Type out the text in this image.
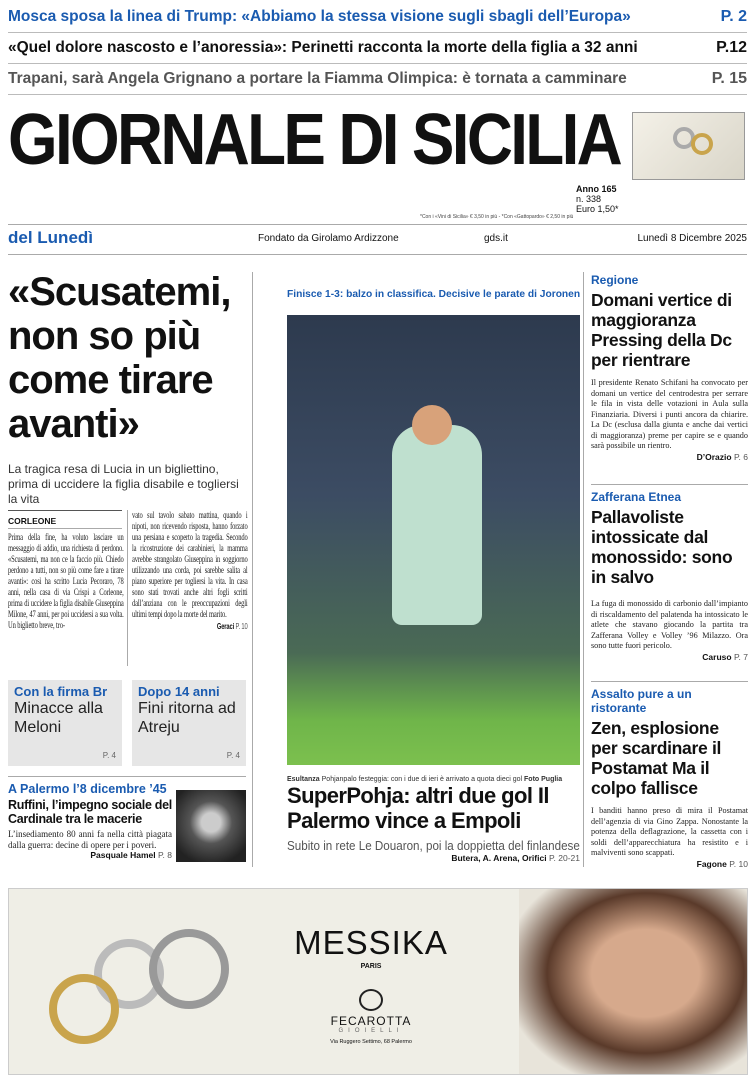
Mosca sposa la linea di Trump: «Abbiamo la stessa visione sugli sbagli dell’Europa»	P. 2
«Quel dolore nascosto e l’anoressia»: Perinetti racconta la morte della figlia a 32 anni	P.12
Trapani, sarà Angela Grignano a portare la Fiamma Olimpica: è tornata a camminare	P. 15
GIORNALE DI SICILIA
Anno 165
n. 338
Euro 1,50*
*Con i «Vini di Sicilia» € 3,50 in più - *Con «Gattopardo» € 2,50 in più
del Lunedì	Fondato da Girolamo Ardizzone	gds.it	Lunedì 8 Dicembre 2025
«Scusatemi, non so più come tirare avanti»
La tragica resa di Lucia in un bigliettino, prima di uccidere la figlia disabile e togliersi la vita
CORLEONE
Prima della fine, ha voluto lasciare un messaggio di addio, una richiesta di perdono. «Scusatemi, ma non ce la faccio più. Chiedo perdono a tutti, non so più come fare a tirare avanti»: così ha scritto Lucia Pecoraro, 78 anni, nella casa di via Crispi a Corleone, prima di uccidere la figlia disabile Giuseppina Milone, 47 anni, per poi uccidersi a sua volta. Un biglietto breve, tro-
vato sul tavolo sabato mattina, quando i nipoti, non ricevendo risposta, hanno forzato una persiana e scoperto la tragedia. Secondo la ricostruzione dei carabinieri, la mamma avrebbe strangolato Giuseppina in soggiorno utilizzando una corda, poi sarebbe salita al piano superiore per togliersi la vita. In casa sono stati trovati anche altri fogli scritti dall’anziana con le preoccupazioni degli ultimi tempi dopo la morte del marito.
Geraci P. 10
Con la firma Br
Minacce alla Meloni
P. 4
Dopo 14 anni
Fini ritorna ad Atreju
P. 4
A Palermo l’8 dicembre ’45
Ruffini, l’impegno sociale del Cardinale tra le macerie
L’insediamento 80 anni fa nella città piagata dalla guerra: decine di opere per i poveri.
Pasquale Hamel P. 8
Finisce 1-3: balzo in classifica. Decisive le parate di Joronen
Esultanza Pohjanpalo festeggia: con i due di ieri è arrivato a quota dieci gol Foto Puglia
SuperPohja: altri due gol Il Palermo vince a Empoli
Subito in rete Le Douaron, poi la doppietta del finlandese
Butera, A. Arena, Orifici P. 20-21
Regione
Domani vertice di maggioranza Pressing della Dc per rientrare
Il presidente Renato Schifani ha convocato per domani un vertice del centrodestra per serrare le fila in vista delle votazioni in Aula sulla Finanziaria. Diversi i punti ancora da chiarire. La Dc (esclusa dalla giunta e anche dai vertici di maggioranza) preme per capire se e quando sarà possibile un rientro.
D’Orazio P. 6
Zafferana Etnea
Pallavoliste intossicate dal monossido: sono in salvo
La fuga di monossido di carbonio dall’impianto di riscaldamento del palatenda ha intossicato le atlete che stavano giocando la partita tra Zafferana Volley e Volley ’96 Milazzo. Ora sono tutte fuori pericolo.
Caruso P. 7
Assalto pure a un ristorante
Zen, esplosione per scardinare il Postamat Ma il colpo fallisce
I banditi hanno preso di mira il Postamat dell’agenzia di via Gino Zappa. Nonostante la potenza della deflagrazione, la cassetta con i soldi dell’apparecchiatura ha resistito e i malviventi sono scappati.
Fagone P. 10
MESSIKA
PARIS
FECAROTTA
GIOIELLI
Via Ruggero Settimo, 68 Palermo
